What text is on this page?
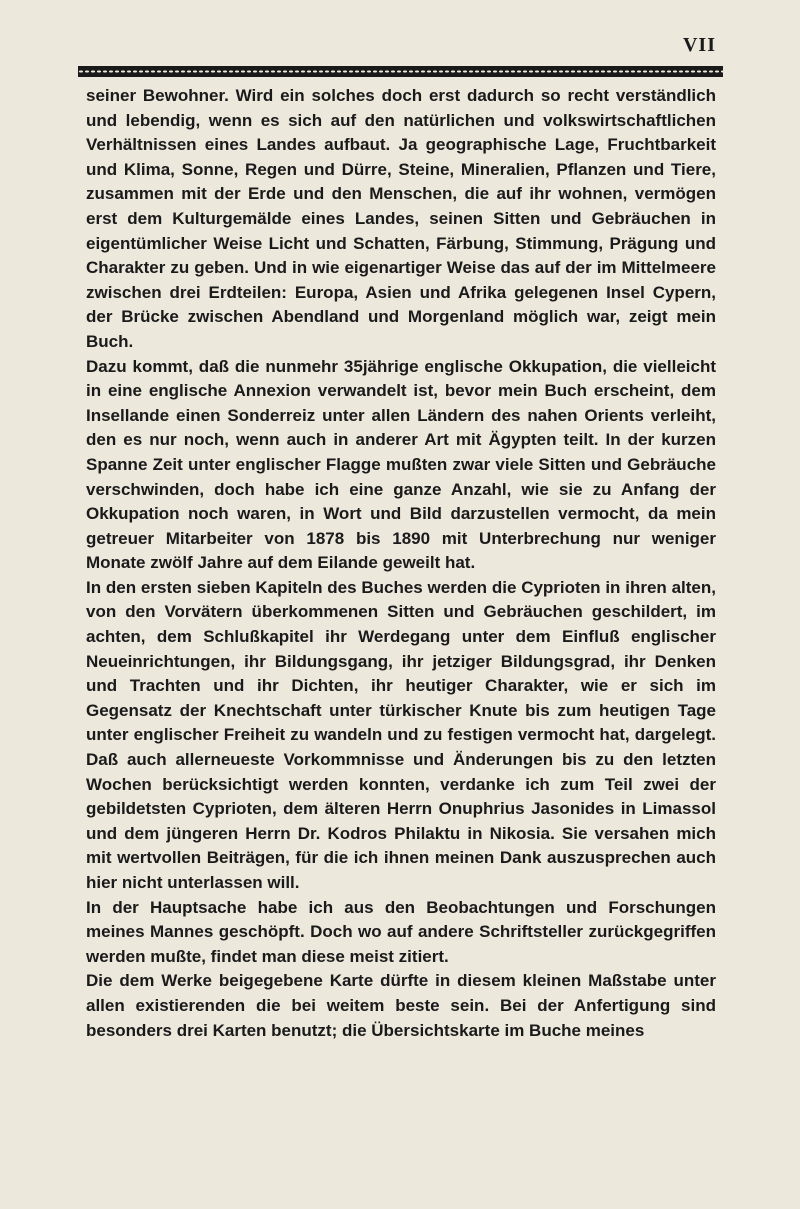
VII

seiner Bewohner. Wird ein solches doch erst dadurch so recht verständlich und lebendig, wenn es sich auf den natürlichen und volkswirtschaftlichen Verhältnissen eines Landes aufbaut. Ja geographische Lage, Fruchtbarkeit und Klima, Sonne, Regen und Dürre, Steine, Mineralien, Pflanzen und Tiere, zusammen mit der Erde und den Menschen, die auf ihr wohnen, vermögen erst dem Kulturgemälde eines Landes, seinen Sitten und Gebräuchen in eigentümlicher Weise Licht und Schatten, Färbung, Stimmung, Prägung und Charakter zu geben. Und in wie eigenartiger Weise das auf der im Mittelmeere zwischen drei Erdteilen: Europa, Asien und Afrika gelegenen Insel Cypern, der Brücke zwischen Abendland und Morgenland möglich war, zeigt mein Buch.

Dazu kommt, daß die nunmehr 35jährige englische Okkupation, die vielleicht in eine englische Annexion verwandelt ist, bevor mein Buch erscheint, dem Insellande einen Sonderreiz unter allen Ländern des nahen Orients verleiht, den es nur noch, wenn auch in anderer Art mit Ägypten teilt. In der kurzen Spanne Zeit unter englischer Flagge mußten zwar viele Sitten und Gebräuche verschwinden, doch habe ich eine ganze Anzahl, wie sie zu Anfang der Okkupation noch waren, in Wort und Bild darzustellen vermocht, da mein getreuer Mitarbeiter von 1878 bis 1890 mit Unterbrechung nur weniger Monate zwölf Jahre auf dem Eilande geweilt hat.

In den ersten sieben Kapiteln des Buches werden die Cyprioten in ihren alten, von den Vorvätern überkommenen Sitten und Gebräuchen geschildert, im achten, dem Schlußkapitel ihr Werdegang unter dem Einfluß englischer Neueinrichtungen, ihr Bildungsgang, ihr jetziger Bildungsgrad, ihr Denken und Trachten und ihr Dichten, ihr heutiger Charakter, wie er sich im Gegensatz der Knechtschaft unter türkischer Knute bis zum heutigen Tage unter englischer Freiheit zu wandeln und zu festigen vermocht hat, dargelegt. Daß auch allerneueste Vorkommnisse und Änderungen bis zu den letzten Wochen berücksichtigt werden konnten, verdanke ich zum Teil zwei der gebildetsten Cyprioten, dem älteren Herrn Onuphrius Jasonides in Limassol und dem jüngeren Herrn Dr. Kodros Philaktu in Nikosia. Sie versahen mich mit wertvollen Beiträgen, für die ich ihnen meinen Dank auszusprechen auch hier nicht unterlassen will.

In der Hauptsache habe ich aus den Beobachtungen und Forschungen meines Mannes geschöpft. Doch wo auf andere Schriftsteller zurückgegriffen werden mußte, findet man diese meist zitiert.

Die dem Werke beigegebene Karte dürfte in diesem kleinen Maßstabe unter allen existierenden die bei weitem beste sein. Bei der Anfertigung sind besonders drei Karten benutzt; die Übersichtskarte im Buche meines
